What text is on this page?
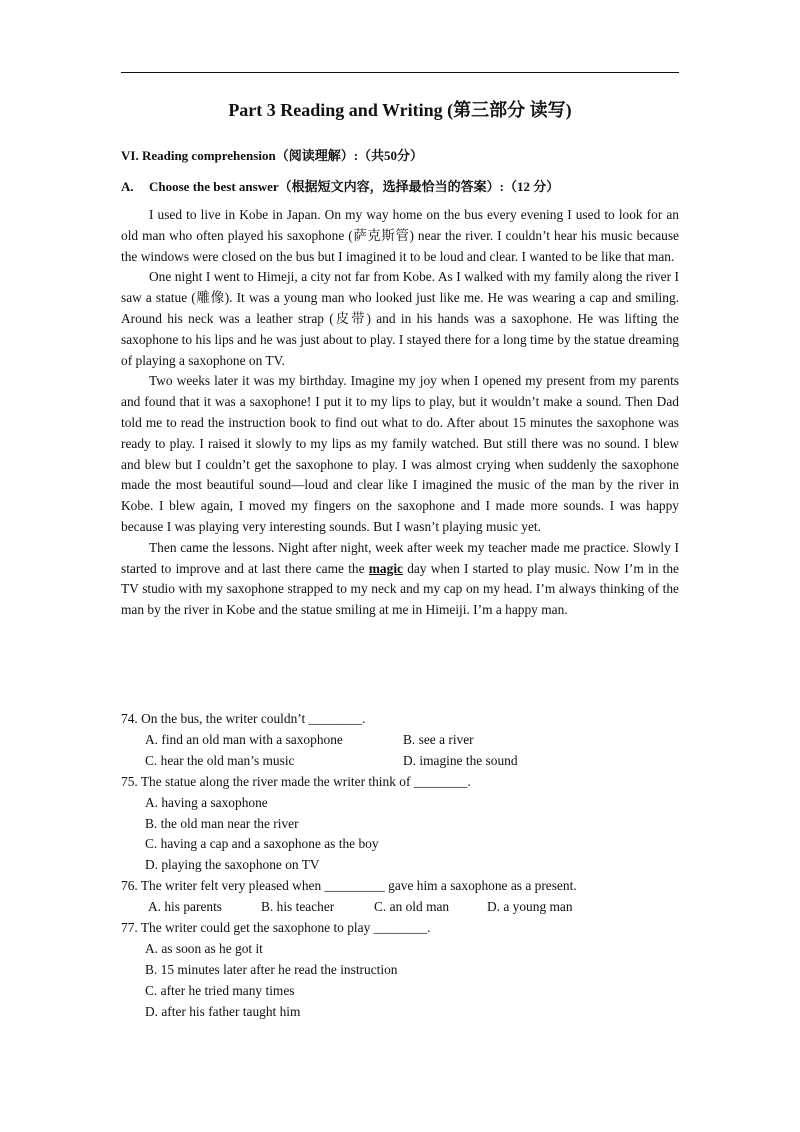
Part 3 Reading and Writing (第三部分 读写)
VI. Reading comprehension（阅读理解）:（共50分）
A. Choose the best answer（根据短文内容，选择最恰当的答案）:（12 分）

I used to live in Kobe in Japan. On my way home on the bus every evening I used to look for an old man who often played his saxophone (萨克斯管) near the river. I couldn’t hear his music because the windows were closed on the bus but I imagined it to be loud and clear. I wanted to be like that man.

One night I went to Himeji, a city not far from Kobe. As I walked with my family along the river I saw a statue (雕像). It was a young man who looked just like me. He was wearing a cap and smiling. Around his neck was a leather strap (皮带) and in his hands was a saxophone. He was lifting the saxophone to his lips and he was just about to play. I stayed there for a long time by the statue dreaming of playing a saxophone on TV.

Two weeks later it was my birthday. Imagine my joy when I opened my present from my parents and found that it was a saxophone! I put it to my lips to play, but it wouldn’t make a sound. Then Dad told me to read the instruction book to find out what to do. After about 15 minutes the saxophone was ready to play. I raised it slowly to my lips as my family watched. But still there was no sound. I blew and blew but I couldn’t get the saxophone to play. I was almost crying when suddenly the saxophone made the most beautiful sound—loud and clear like I imagined the music of the man by the river in Kobe. I blew again, I moved my fingers on the saxophone and I made more sounds. I was happy because I was playing very interesting sounds. But I wasn’t playing music yet.

Then came the lessons. Night after night, week after week my teacher made me practice. Slowly I started to improve and at last there came the magic day when I started to play music. Now I’m in the TV studio with my saxophone strapped to my neck and my cap on my head. I’m always thinking of the man by the river in Kobe and the statue smiling at me in Himeiji. I’m a happy man.

74. On the bus, the writer couldn’t ________.

A. find an old man with a saxophone	B. see a river
C. hear the old man’s music	D. imagine the sound

75. The statue along the river made the writer think of ________.

A. having a saxophone
B. the old man near the river
C. having a cap and a saxophone as the boy
D. playing the saxophone on TV

76. The writer felt very pleased when _________ gave him a saxophone as a present.

A. his parents	B. his teacher	C. an old man	D. a young man

77. The writer could get the saxophone to play ________.

A. as soon as he got it
B. 15 minutes later after he read the instruction
C. after he tried many times
D. after his father taught him
